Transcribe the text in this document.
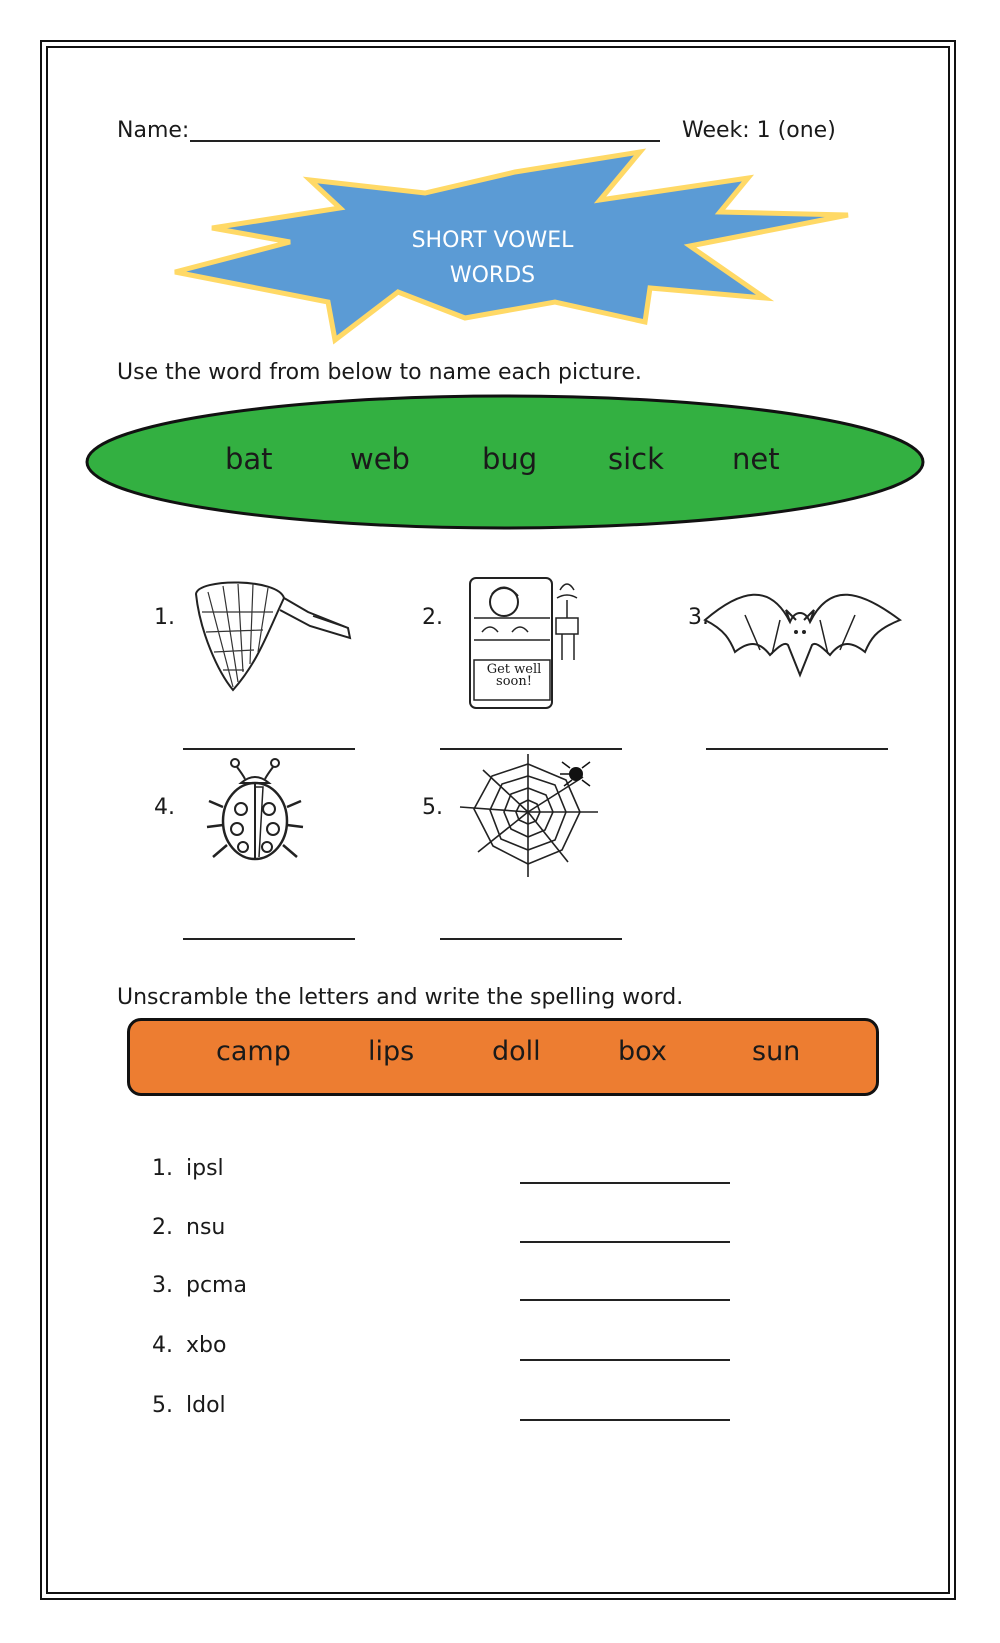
Name:	Week: 1 (one)
SHORT VOWEL
WORDS
Use the word from below to name each picture.
bat	web bug sick net
1.	2.
Get well soon!
3.
4.	5.
Unscramble the letters and write the spelling word.
camp	lips	doll	box	sun
1. ipsl
2. nsu
3. pcma
4. xbo
5. ldol
